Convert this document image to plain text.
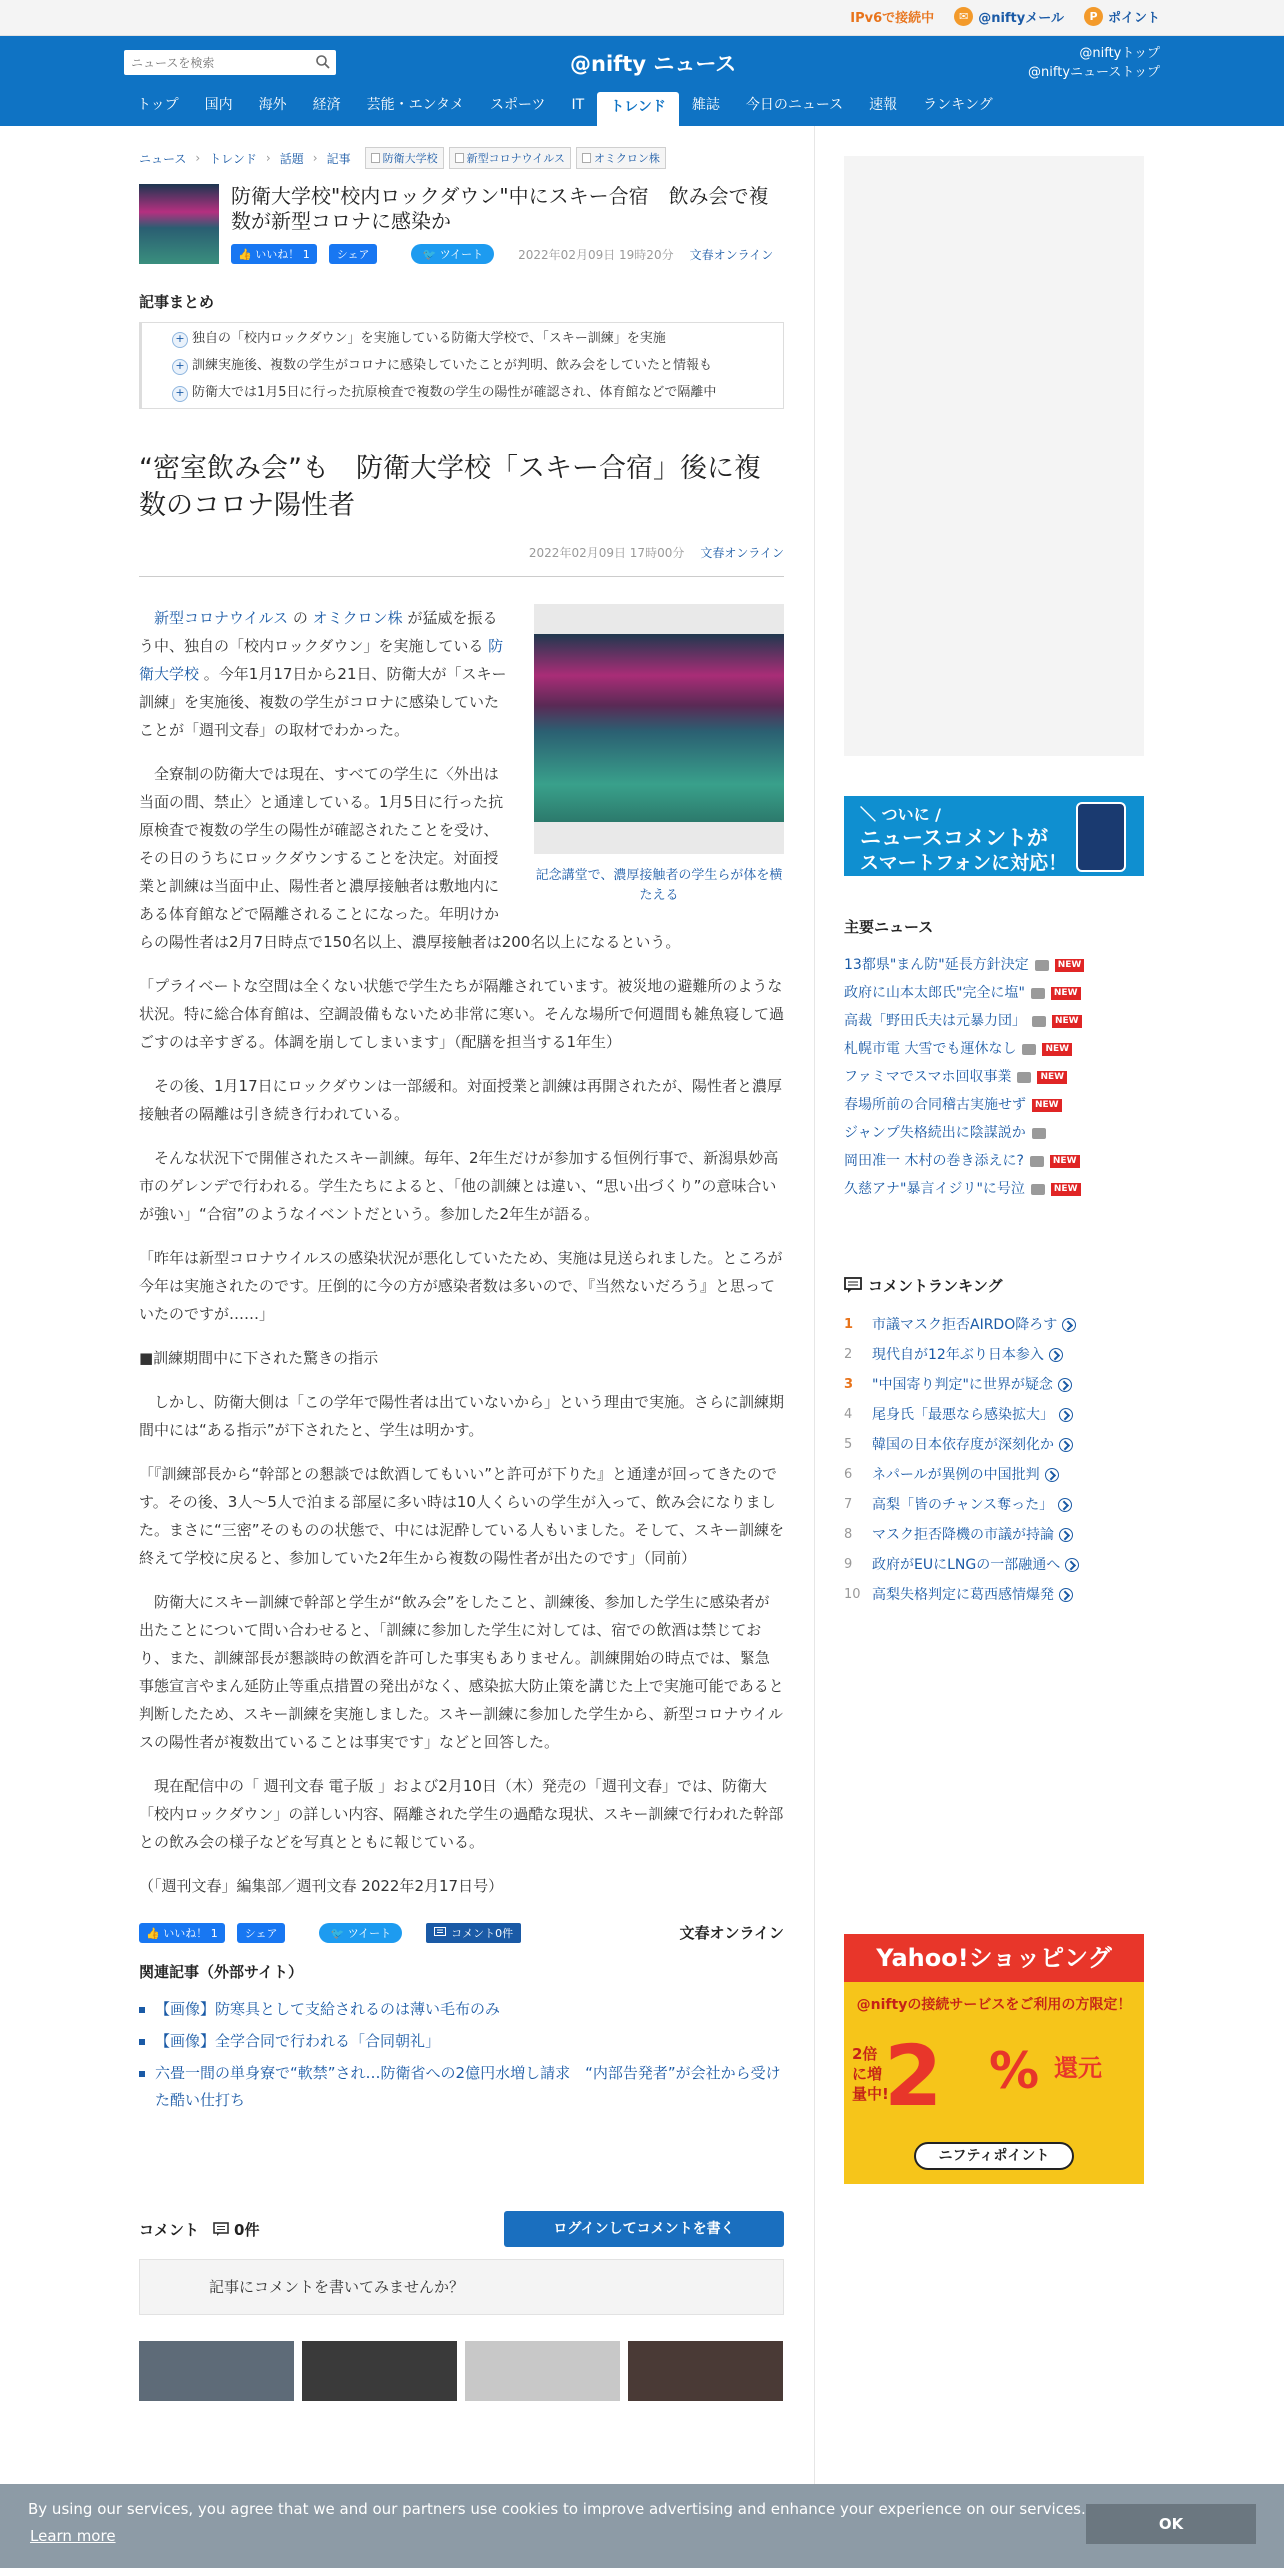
IPv6で接続中	✉ @niftyメール	P ポイント
ニュースを検索
@nifty ニュース	@niftyトップ
@niftyニューストップ
トップ	国内	海外	経済	芸能・エンタメ	スポーツ	IT	トレンド	雑誌	今日のニュース	速報	ランキング
ニュース › トレンド › 話題 › 記事	防衛大学校	新型コロナウイルス	オミクロン株
防衛大学校"校内ロックダウン"中にスキー合宿　飲み会で複数が新型コロナに感染か
👍 いいね！ 1	シェア	🐦 ツイート	2022年02月09日 19時20分 文春オンライン
記事まとめ
+ 独自の「校内ロックダウン」を実施している防衛大学校で、「スキー訓練」を実施
+ 訓練実施後、複数の学生がコロナに感染していたことが判明、飲み会をしていたと情報も
+ 防衛大では1月5日に行った抗原検査で複数の学生の陽性が確認され、体育館などで隔離中
“密室飲み会”も　防衛大学校「スキー合宿」後に複数のコロナ陽性者
2022年02月09日 17時00分 文春オンライン
記念講堂で、濃厚接触者の学生らが体を横たえる

新型コロナウイルス の オミクロン株 が猛威を振るう中、独自の「校内ロックダウン」を実施している 防衛大学校 。今年1月17日から21日、防衛大が「スキー訓練」を実施後、複数の学生がコロナに感染していたことが「週刊文春」の取材でわかった。

全寮制の防衛大では現在、すべての学生に〈外出は当面の間、禁止〉と通達している。1月5日に行った抗原検査で複数の学生の陽性が確認されたことを受け、その日のうちにロックダウンすることを決定。対面授業と訓練は当面中止、陽性者と濃厚接触者は敷地内にある体育館などで隔離されることになった。年明けからの陽性者は2月7日時点で150名以上、濃厚接触者は200名以上になるという。

「プライベートな空間は全くない状態で学生たちが隔離されています。被災地の避難所のような状況。特に総合体育館は、空調設備もないため非常に寒い。そんな場所で何週間も雑魚寝して過ごすのは辛すぎる。体調を崩してしまいます」（配膳を担当する1年生）

その後、1月17日にロックダウンは一部緩和。対面授業と訓練は再開されたが、陽性者と濃厚接触者の隔離は引き続き行われている。

そんな状況下で開催されたスキー訓練。毎年、2年生だけが参加する恒例行事で、新潟県妙高市のゲレンデで行われる。学生たちによると、「他の訓練とは違い、“思い出づくり”の意味合いが強い」“合宿”のようなイベントだという。参加した2年生が語る。

「昨年は新型コロナウイルスの感染状況が悪化していたため、実施は見送られました。ところが今年は実施されたのです。圧倒的に今の方が感染者数は多いので、『当然ないだろう』と思っていたのですが……」

■訓練期間中に下された驚きの指示

しかし、防衛大側は「この学年で陽性者は出ていないから」という理由で実施。さらに訓練期間中には“ある指示”が下されたと、学生は明かす。

「『訓練部長から“幹部との懇談では飲酒してもいい”と許可が下りた』と通達が回ってきたのです。その後、3人～5人で泊まる部屋に多い時は10人くらいの学生が入って、飲み会になりました。まさに“三密”そのものの状態で、中には泥酔している人もいました。そして、スキー訓練を終えて学校に戻ると、参加していた2年生から複数の陽性者が出たのです」（同前）

防衛大にスキー訓練で幹部と学生が“飲み会”をしたこと、訓練後、参加した学生に感染者が出たことについて問い合わせると、「訓練に参加した学生に対しては、宿での飲酒は禁じており、また、訓練部長が懇談時の飲酒を許可した事実もありません。訓練開始の時点では、緊急事態宣言やまん延防止等重点措置の発出がなく、感染拡大防止策を講じた上で実施可能であると判断したため、スキー訓練を実施しました。スキー訓練に参加した学生から、新型コロナウイルスの陽性者が複数出ていることは事実です」などと回答した。

現在配信中の「 週刊文春 電子版 」および2月10日（木）発売の「週刊文春」では、防衛大「校内ロックダウン」の詳しい内容、隔離された学生の過酷な現状、スキー訓練で行われた幹部との飲み会の様子などを写真とともに報じている。

（「週刊文春」編集部／週刊文春 2022年2月17日号）

👍 いいね！ 1	シェア	🐦 ツイート	コメント0件	文春オンライン
関連記事（外部サイト）
【画像】防寒具として支給されるのは薄い毛布のみ
【画像】全学合同で行われる「合同朝礼」
六畳一間の単身寮で“軟禁”され…防衛省への2億円水増し請求　“内部告発者”が会社から受けた酷い仕打ち
コメント 0件	ログインしてコメントを書く
記事にコメントを書いてみませんか？
＼ ついに /
ニュースコメントが
スマートフォンに対応！
主要ニュース
13都県"まん防"延長方針決定	NEW
政府に山本太郎氏"完全に塩"	NEW
高裁「野田氏夫は元暴力団」	NEW
札幌市電 大雪でも運休なし	NEW
ファミマでスマホ回収事業	NEW
春場所前の合同稽古実施せず	NEW
ジャンプ失格続出に陰謀説か
岡田准一 木村の巻き添えに?	NEW
久慈アナ"暴言イジリ"に号泣	NEW
コメントランキング
1	市議マスク拒否AIRDO降ろす
2	現代自が12年ぶり日本参入
3	"中国寄り判定"に世界が疑念
4	尾身氏「最悪なら感染拡大」
5	韓国の日本依存度が深刻化か
6	ネパールが異例の中国批判
7	高梨「皆のチャンス奪った」
8	マスク拒否降機の市議が持論
9	政府がEUにLNGの一部融通へ
10 高梨失格判定に葛西感情爆発
Yahoo!ショッピング
@niftyの接続サービスをご利用の方限定！
2倍に増量中!
2 % 還元
ニフティポイント
By using our services, you agree that we and our partners use cookies to improve advertising and enhance your experience on our services.
Learn more
OK
